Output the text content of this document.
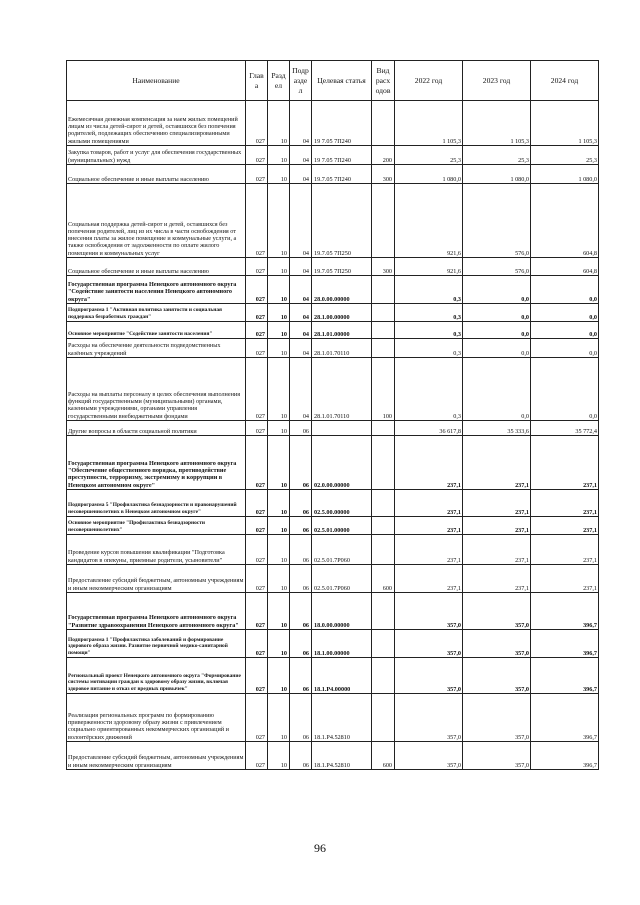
Наименование	Глав а	Разд ел	Подр азде л	Целевая статья	Вид расх одов	2022 год	2023 год	2024 год
Ежемесячная денежная компенсация за наем жилых помещений лицам из числа детей-сирот и детей, оставшихся без попечения родителей, подлежащих обеспечению специализированными жилыми помещениями	027	10	04	19 7.05 7П240		1 105,3	1 105,3	1 105,3
Закупка товаров, работ и услуг для обеспечения государственных (муниципальных) нужд	027	10	04	19 7.05 7П240	200	25,3	25,3	25,3
Социальное обеспечение и иные выплаты населению	027	10	04	19.7.05 7П240	300	1 080,0	1 080,0	1 080,0
Социальная поддержка детей-сирот и детей, оставшихся без попечения родителей, лиц из их числа в части освобождения от внесения платы за жилое помещение и коммунальные услуги, а также освобождения от задолженности по оплате жилого помещения и коммунальных услуг	027	10	04	19.7.05 7П250		921,6	576,0	604,8
Социальное обеспечение и иные выплаты населению	027	10	04	19.7.05 7П250	300	921,6	576,0	604,8
Государственная программа Ненецкого автономного округа "Содействие занятости населения Ненецкого автономного округа"	027	10	04	28.0.00.00000		0,3	0,0	0,0
Подпрограмма 1 "Активная политика занятости и социальная поддержка безработных граждан"	027	10	04	28.1.00.00000		0,3	0,0	0,0
Основное мероприятие "Содействие занятости населения"	027	10	04	28.1.01.00000		0,3	0,0	0,0
Расходы на обеспечение деятельности подведомственных казённых учреждений	027	10	04	28.1.01.70110		0,3	0,0	0,0
Расходы на выплаты персоналу в целях обеспечения выполнения функций государственными (муниципальными) органами, казенными учреждениями, органами управления государственными внебюджетными фондами	027	10	04	28.1.01.70110	100	0,3	0,0	0,0
Другие вопросы в области социальной политики	027	10	06			36 617,8	35 333,6	35 772,4
Государственная программа Ненецкого автономного округа "Обеспечение общественного порядка, противодействие преступности, терроризму, экстремизму и коррупции в Ненецком автономном округе"	027	10	06	02.0.00.00000		237,1	237,1	237,1
Подпрограмма 5 "Профилактика безнадзорности и правонарушений несовершеннолетних в Ненецком автономном округе"	027	10	06	02.5.00.00000		237,1	237,1	237,1
Основное мероприятие "Профилактика безнадзорности несовершеннолетних"	027	10	06	02.5.01.00000		237,1	237,1	237,1
Проведение курсов повышения квалификации "Подготовка кандидатов в опекуны, приемные родители, усыновители"	027	10	06	02.5.01.7Р060		237,1	237,1	237,1
Предоставление субсидий бюджетным, автономным учреждениям и иным некоммерческим организациям	027	10	06	02.5.01.7Р060	600	237,1	237,1	237,1
Государственная программа Ненецкого автономного округа "Развитие здравоохранения Ненецкого автономного округа"	027	10	06	18.0.00.00000		357,0	357,0	396,7
Подпрограмма 1 "Профилактика заболеваний и формирование здорового образа жизни. Развитие первичной медико-санитарной помощи"	027	10	06	18.1.00.00000		357,0	357,0	396,7
Региональный проект Ненецкого автономного округа "Формирование системы мотивации граждан к здоровому образу жизни, включая здоровое питание и отказ от вредных привычек"	027	10	06	18.1.Р4.00000		357,0	357,0	396,7
Реализация региональных программ по формированию приверженности здоровому образу жизни с привлечением социально ориентированных некоммерческих организаций и волонтёрских движений	027	10	06	18.1.Р4.52810		357,0	357,0	396,7
Предоставление субсидий бюджетным, автономным учреждениям и иным некоммерческим организациям	027	10	06	18.1.Р4.52810	600	357,0	357,0	396,7
96
